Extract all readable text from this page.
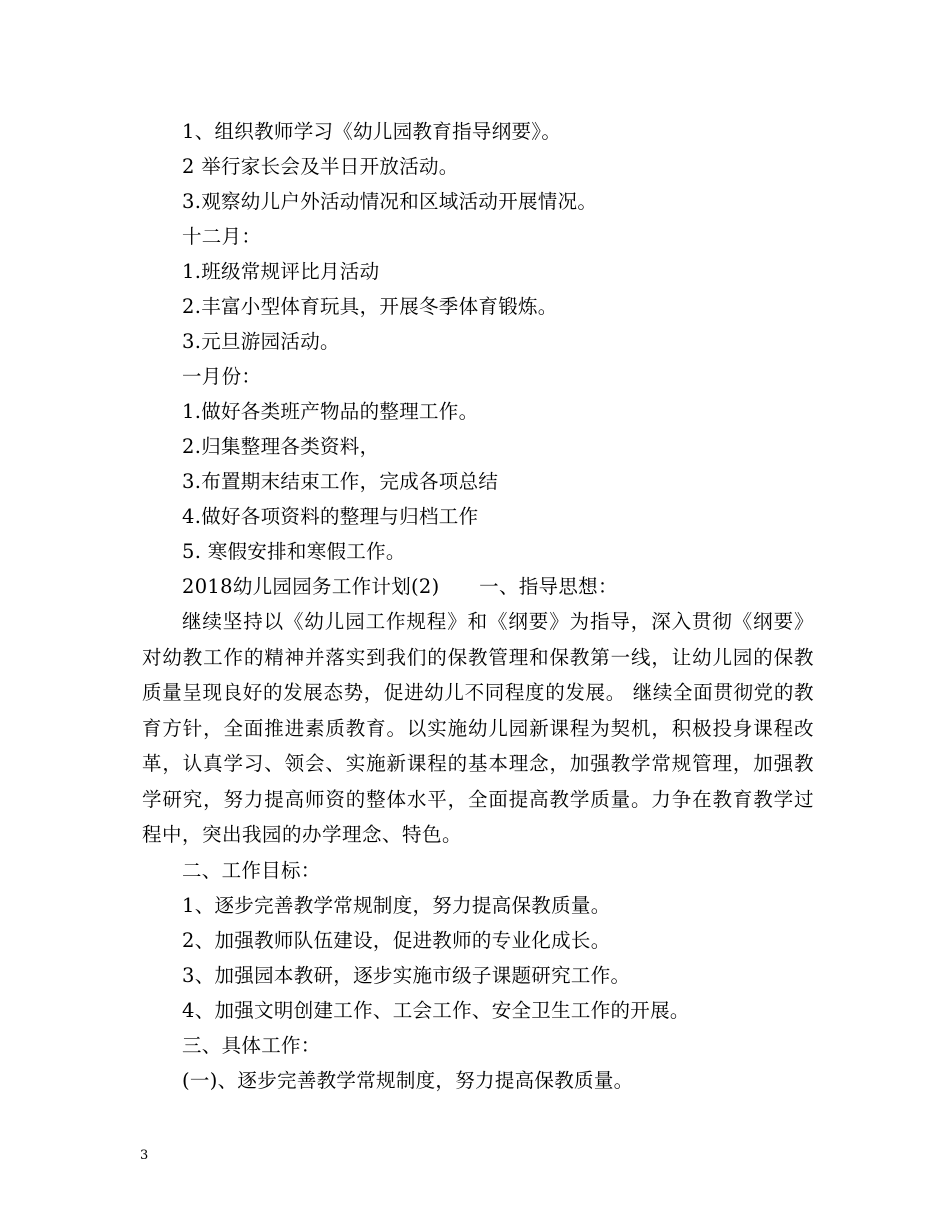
1、组织教师学习《幼儿园教育指导纲要》。
2 举行家长会及半日开放活动。
3.观察幼儿户外活动情况和区域活动开展情况。
十二月：
1.班级常规评比月活动
2.丰富小型体育玩具，开展冬季体育锻炼。
3.元旦游园活动。
一月份：
1.做好各类班产物品的整理工作。
2.归集整理各类资料，
3.布置期末结束工作，完成各项总结
4.做好各项资料的整理与归档工作
5. 寒假安排和寒假工作。
2018幼儿园园务工作计划(2)　　一、指导思想：
继续坚持以《幼儿园工作规程》和《纲要》为指导，深入贯彻《纲要》对幼教工作的精神并落实到我们的保教管理和保教第一线，让幼儿园的保教质量呈现良好的发展态势，促进幼儿不同程度的发展。 继续全面贯彻党的教育方针，全面推进素质教育。以实施幼儿园新课程为契机，积极投身课程改革，认真学习、领会、实施新课程的基本理念，加强教学常规管理，加强教学研究，努力提高师资的整体水平，全面提高教学质量。力争在教育教学过程中，突出我园的办学理念、特色。
二、工作目标：
1、逐步完善教学常规制度，努力提高保教质量。
2、加强教师队伍建设，促进教师的专业化成长。
3、加强园本教研，逐步实施市级子课题研究工作。
4、加强文明创建工作、工会工作、安全卫生工作的开展。
三、具体工作：
(一)、逐步完善教学常规制度，努力提高保教质量。
3
